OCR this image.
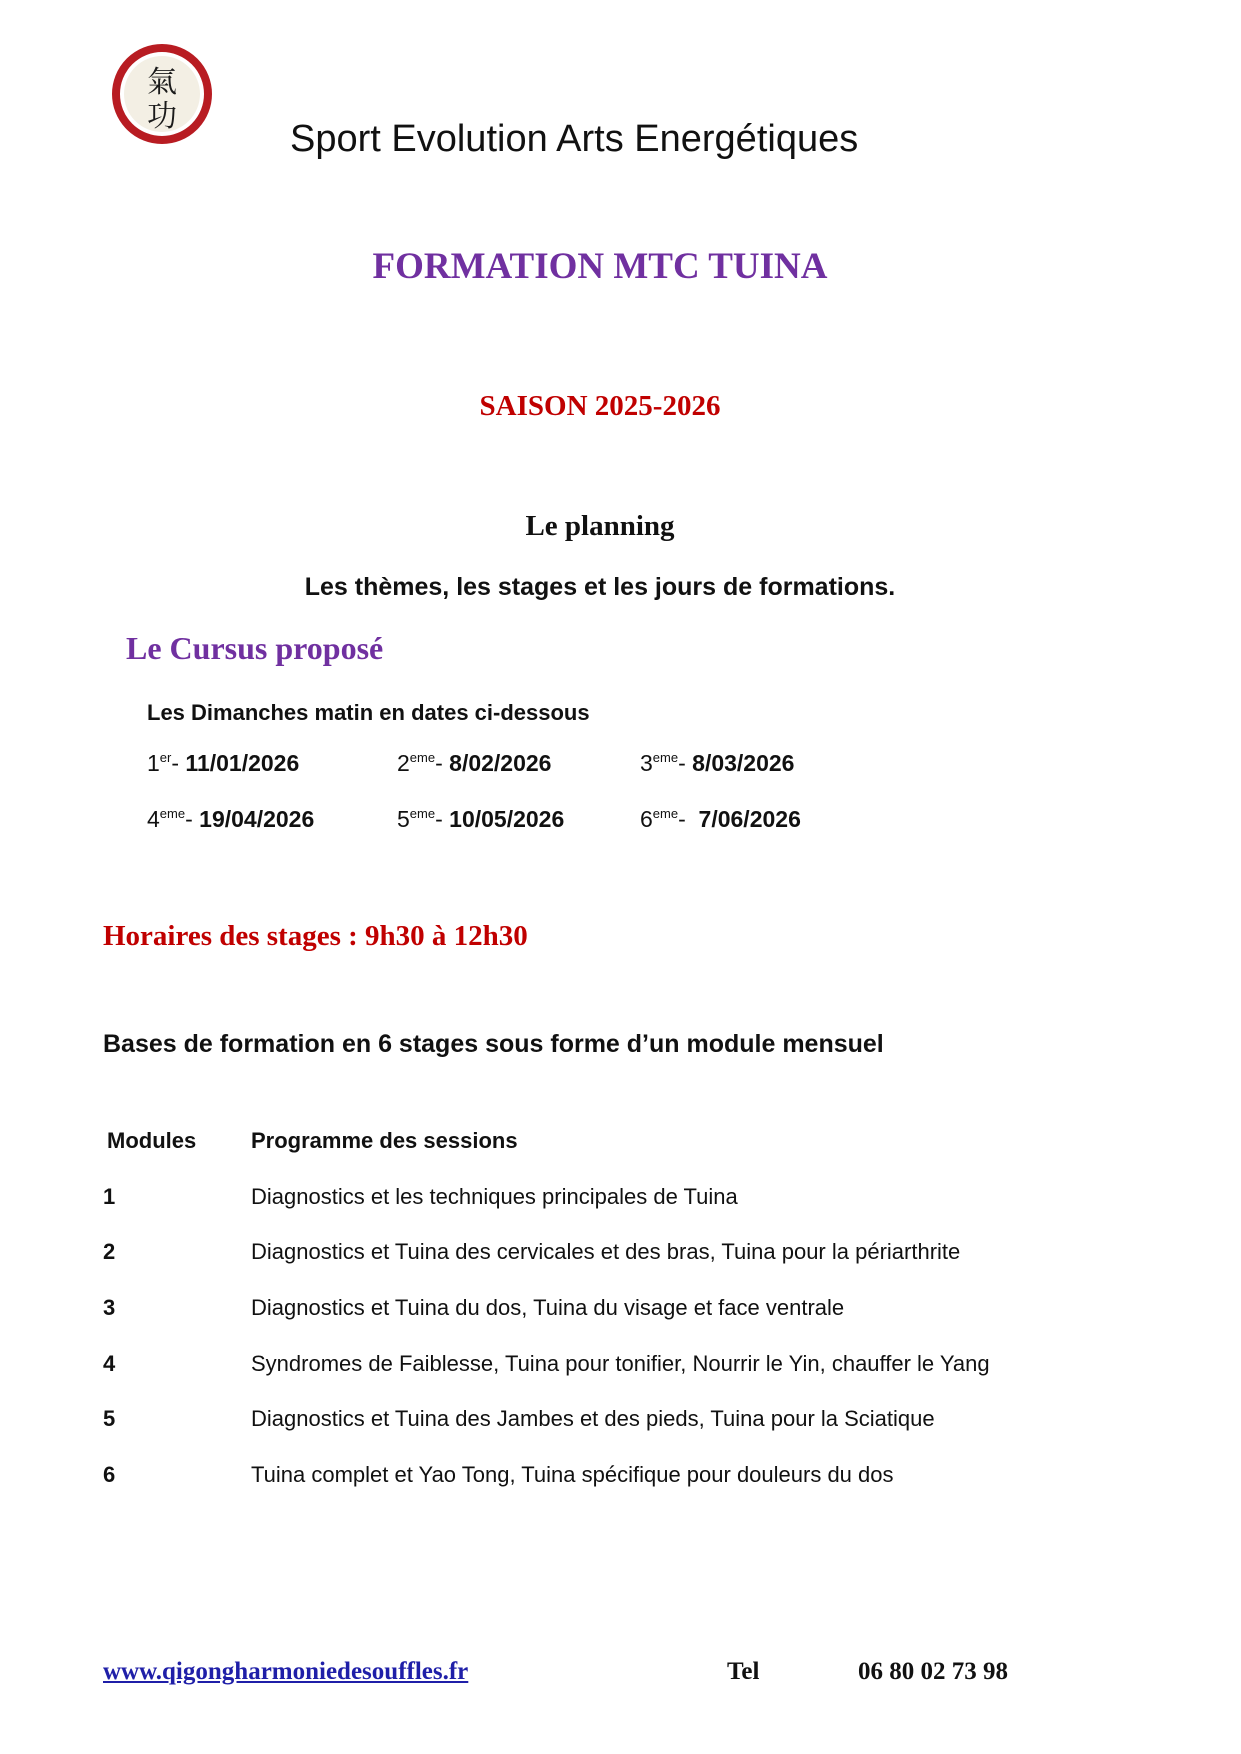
氣
功
Sport Evolution Arts Energétiques
FORMATION MTC TUINA
SAISON 2025-2026
Le planning
Les thèmes, les stages et les jours de formations.
Le Cursus proposé
Les Dimanches matin en dates ci-dessous
1er- 11/01/2026	2eme- 8/02/2026	3eme- 8/03/2026
4eme- 19/04/2026	5eme- 10/05/2026	6eme-  7/06/2026
Horaires des stages : 9h30 à 12h30
Bases de formation en 6 stages sous forme d’un module mensuel
Modules Programme des sessions
1	Diagnostics et les techniques principales de Tuina
2	Diagnostics et Tuina des cervicales et des bras, Tuina pour la périarthrite
3	Diagnostics et Tuina du dos, Tuina du visage et face ventrale
4	Syndromes de Faiblesse, Tuina pour tonifier, Nourrir le Yin, chauffer le Yang
5	Diagnostics et Tuina des Jambes et des pieds, Tuina pour la Sciatique
6	Tuina complet et Yao Tong, Tuina spécifique pour douleurs du dos
www.qigongharmoniedesouffles.fr	Tel	06 80 02 73 98
